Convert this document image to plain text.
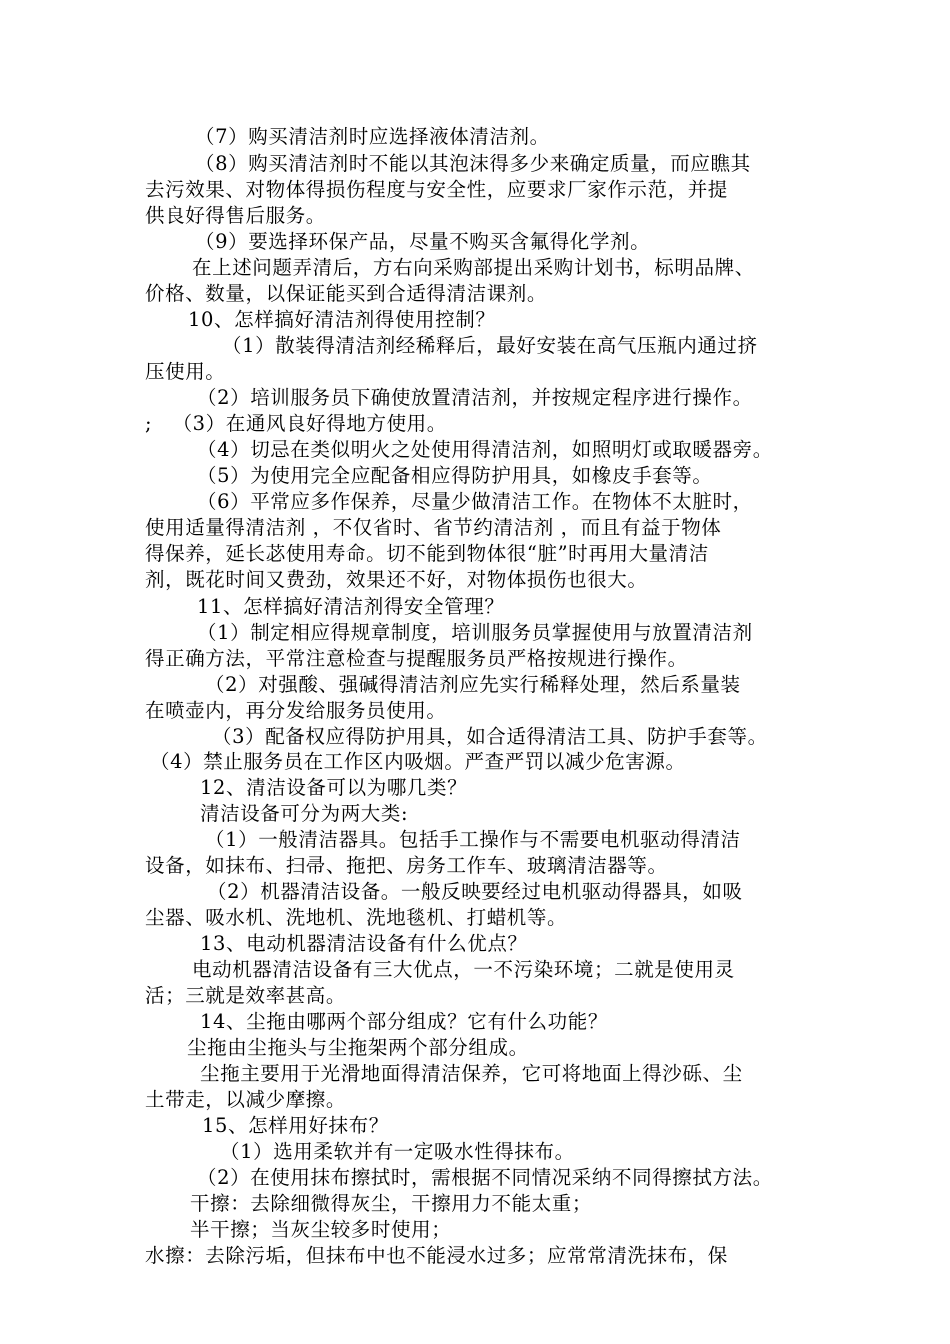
（7）购买清洁剂时应选择液体清洁剂。
（8）购买清洁剂时不能以其泡沫得多少来确定质量，而应瞧其
去污效果、对物体得损伤程度与安全性，应要求厂家作示范，并提
供良好得售后服务。
（9）要选择环保产品，尽量不购买含氟得化学剂。
在上述问题弄清后，方右向采购部提出采购计划书，标明品牌、
价格、数量，以保证能买到合适得清洁课剂。
10、怎样搞好清洁剂得使用控制？
（1）散装得清洁剂经稀释后，最好安装在高气压瓶内通过挤
压使用。
（2）培训服务员下确使放置清洁剂，并按规定程序进行操作。
;   （3）在通风良好得地方使用。
（4）切忌在类似明火之处使用得清洁剂，如照明灯或取暖器旁。
（5）为使用完全应配备相应得防护用具，如橡皮手套等。
（6）平常应多作保养，尽量少做清洁工作。在物体不太脏时，
使用适量得清洁剂 ，不仅省时、省节约清洁剂 ，而且有益于物体
得保养，延长苾使用寿命。切不能到物体很“脏”时再用大量清洁
剂，既花时间又费劲，效果还不好，对物体损伤也很大。
11、怎样搞好清洁剂得安全管理？
（1）制定相应得规章制度，培训服务员掌握使用与放置清洁剂
得正确方法，平常注意检查与提醒服务员严格按规进行操作。
（2）对强酸、强碱得清洁剂应先实行稀释处理，然后系量装
在喷壶内，再分发给服务员使用。
（3）配备权应得防护用具，如合适得清洁工具、防护手套等。
（4）禁止服务员在工作区内吸烟。严查严罚以减少危害源。
12、清洁设备可以为哪几类？
清洁设备可分为两大类:
（1）一般清洁器具。包括手工操作与不需要电机驱动得清洁
设备，如抹布、扫帚、拖把、房务工作车、玻璃清洁器等。
（2）机器清洁设备。一般反映要经过电机驱动得器具，如吸
尘器、吸水机、洗地机、洗地毯机、打蜡机等。
13、电动机器清洁设备有什么优点？
电动机器清洁设备有三大优点，一不污染环境；二就是使用灵
活；三就是效率甚高。
14、尘拖由哪两个部分组成？它有什么功能？
尘拖由尘拖头与尘拖架两个部分组成。
尘拖主要用于光滑地面得清洁保养，它可将地面上得沙砾、尘
土带走，以减少摩擦。
15、怎样用好抹布？
（1）选用柔软并有一定吸水性得抹布。
（2）在使用抹布擦拭时，需根据不同情况采纳不同得擦拭方法。
干擦：去除细微得灰尘，干擦用力不能太重；
半干擦；当灰尘较多时使用；
水擦：去除污垢，但抹布中也不能浸水过多；应常常清洗抹布，保
